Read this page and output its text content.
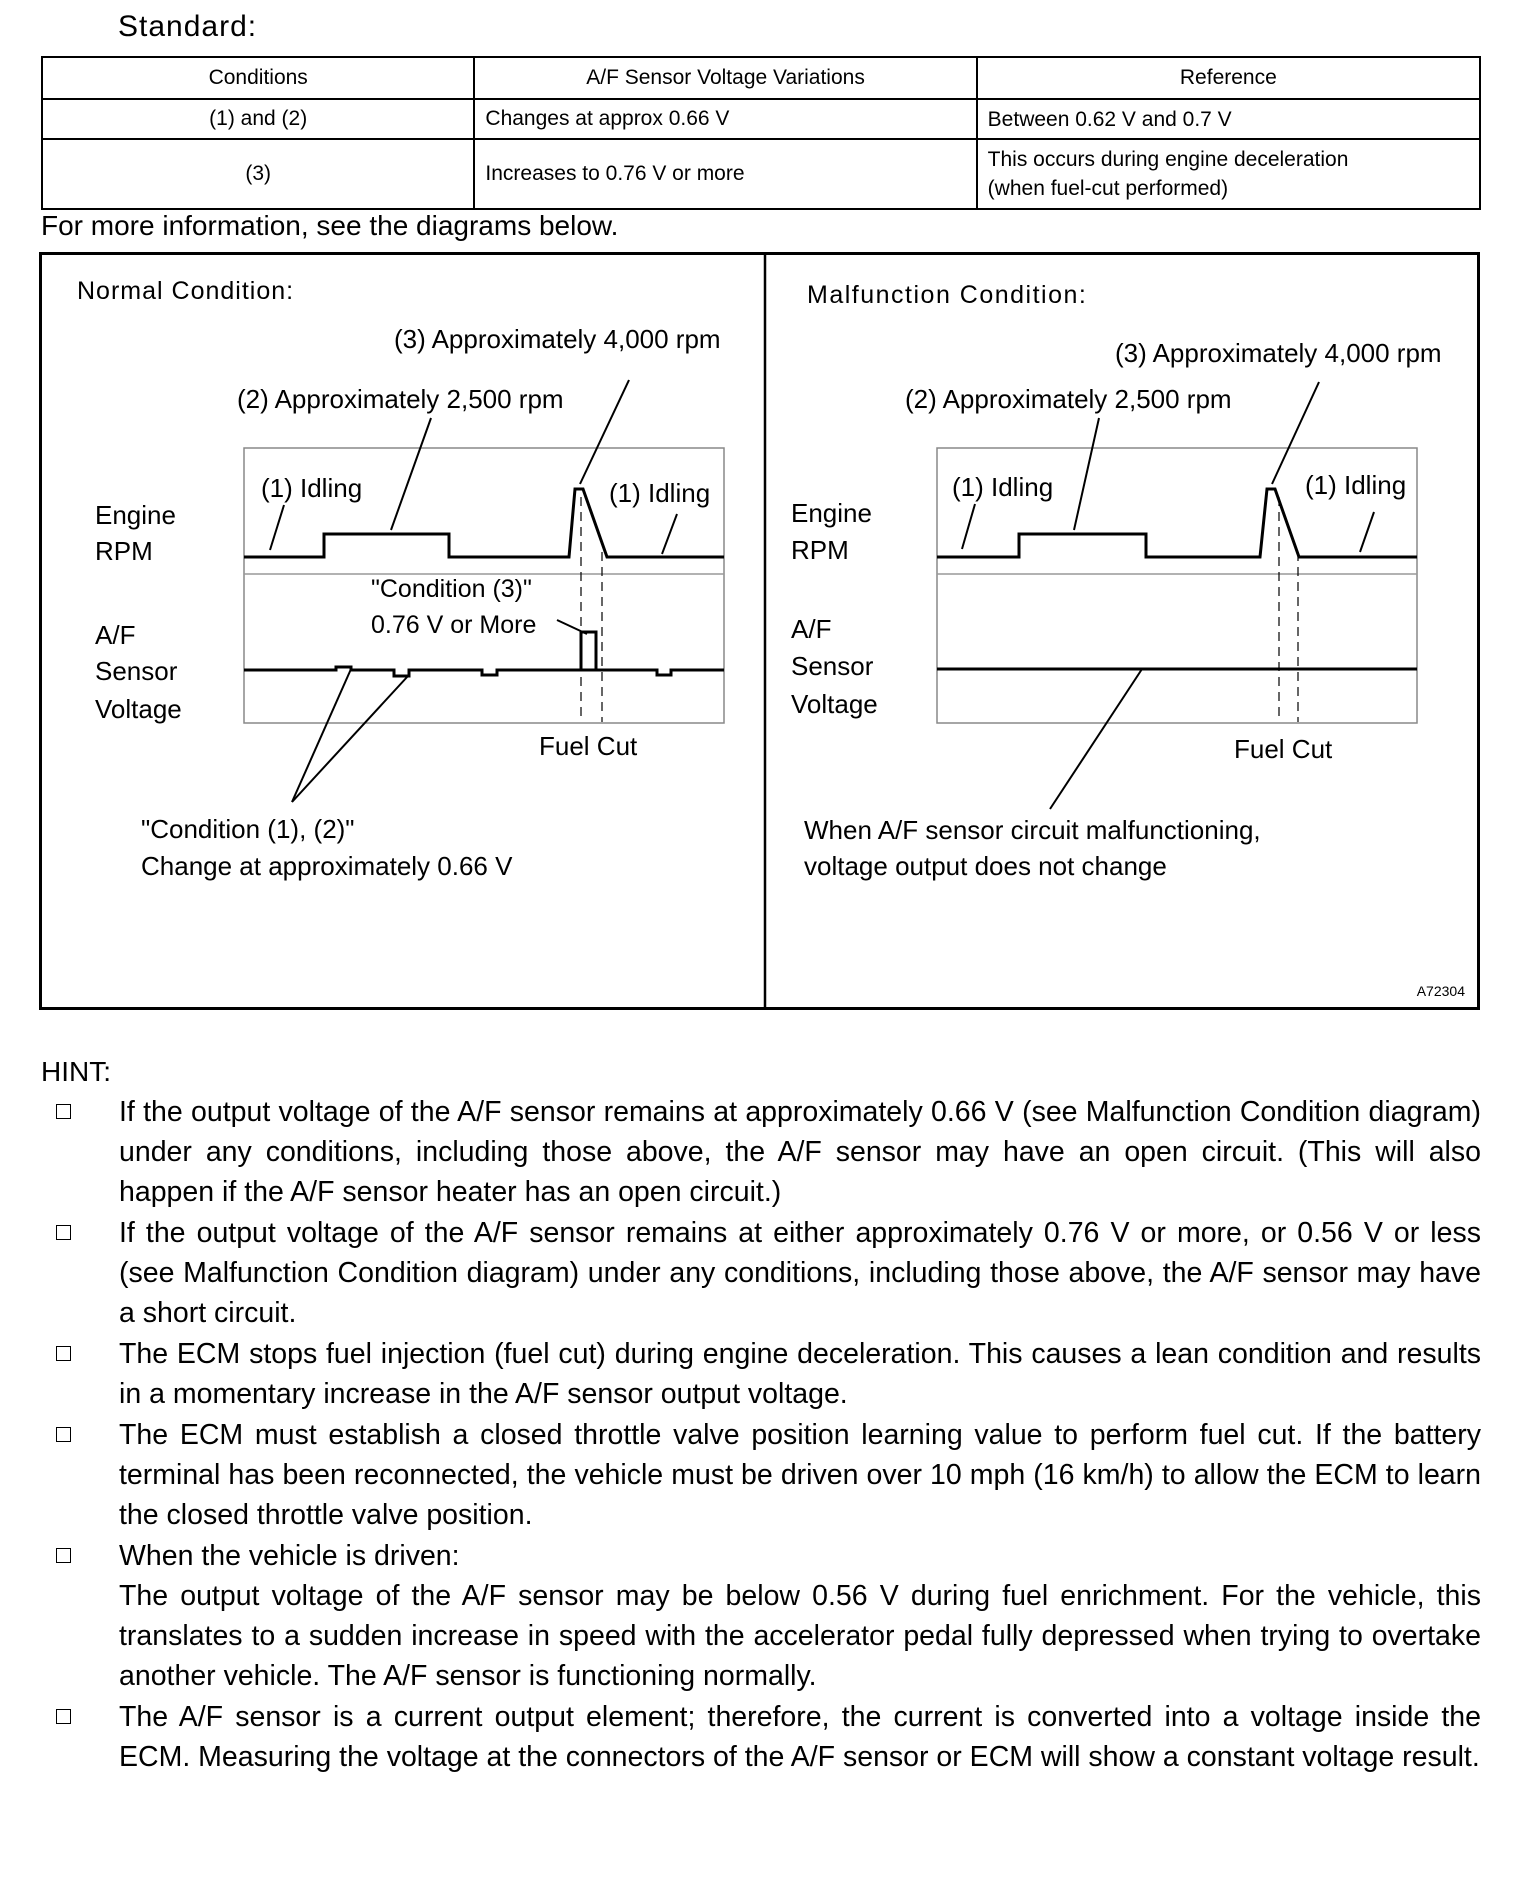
Standard:
Conditions	A/F Sensor Voltage Variations	Reference
(1) and (2)	Changes at approx 0.66 V	Between 0.62 V and 0.7 V
(3)	Increases to 0.76 V or more	This occurs during engine deceleration
(when fuel-cut performed)
For more information, see the diagrams below.
Normal Condition:
(3) Approximately 4,000 rpm
(2) Approximately 2,500 rpm
(1) Idling	(1) Idling
Engine
RPM
A/F
Sensor
Voltage
"Condition (3)"
0.76 V or More
Fuel Cut
"Condition (1), (2)"
Change at approximately 0.66 V
Malfunction Condition:
(3) Approximately 4,000 rpm
(2) Approximately 2,500 rpm
(1) Idling	(1) Idling
Engine
RPM
A/F
Sensor
Voltage
Fuel Cut
When A/F sensor circuit malfunctioning,
voltage output does not change
A72304
HINT:

If the output voltage of the A/F sensor remains at approximately 0.66 V (see Malfunction Condition diagram) under any conditions, including those above, the A/F sensor may have an open circuit. (This will also happen if the A/F sensor heater has an open circuit.)

If the output voltage of the A/F sensor remains at either approximately 0.76 V or more, or 0.56 V or less (see Malfunction Condition diagram) under any conditions, including those above, the A/F sensor may have a short circuit.

The ECM stops fuel injection (fuel cut) during engine deceleration. This causes a lean condition and results in a momentary increase in the A/F sensor output voltage.

The ECM must establish a closed throttle valve position learning value to perform fuel cut. If the battery terminal has been reconnected, the vehicle must be driven over 10 mph (16 km/h) to allow the ECM to learn the closed throttle valve position.

When the vehicle is driven:

The output voltage of the A/F sensor may be below 0.56 V during fuel enrichment. For the vehicle, this translates to a sudden increase in speed with the accelerator pedal fully depressed when trying to overtake another vehicle. The A/F sensor is functioning normally.

The A/F sensor is a current output element; therefore, the current is converted into a voltage inside the ECM. Measuring the voltage at the connectors of the A/F sensor or ECM will show a constant voltage result.
